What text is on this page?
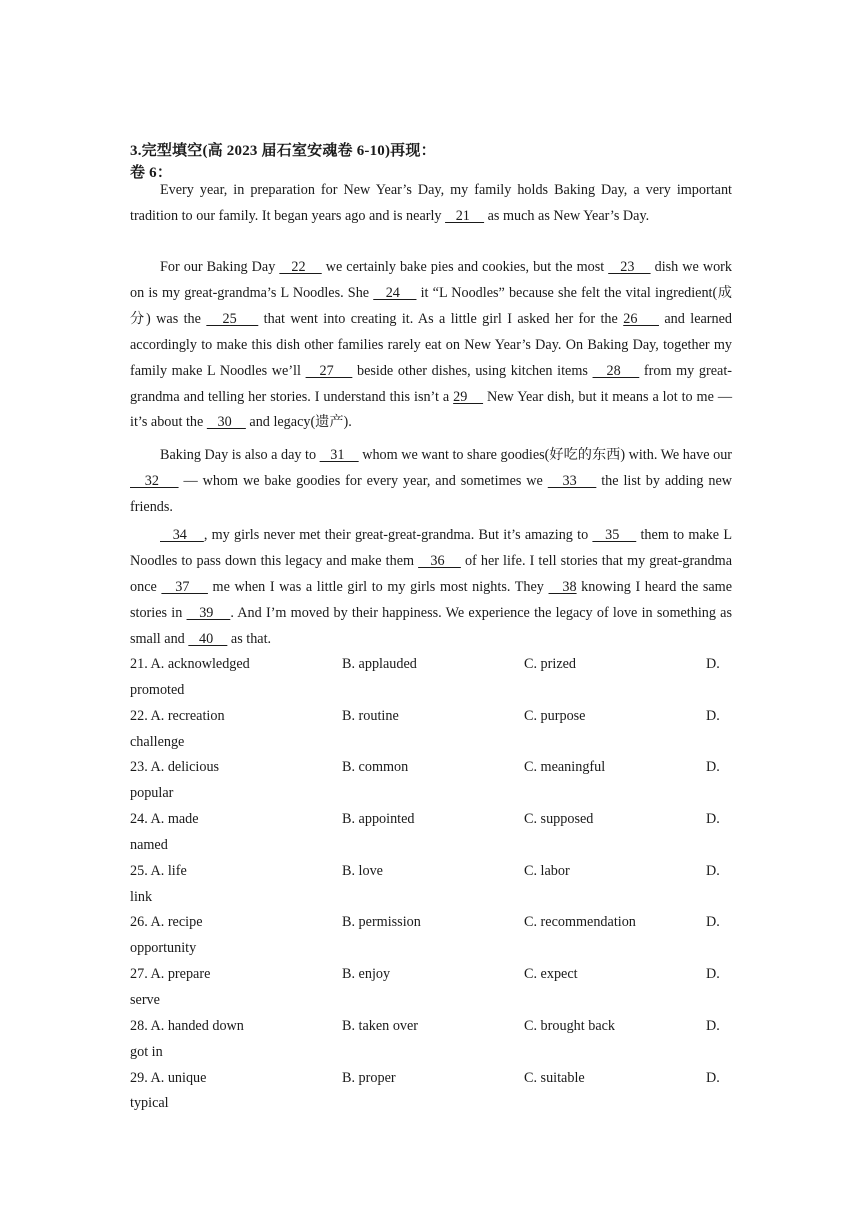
3.完型填空(高 2023 届石室安魂卷 6-10)再现：
卷 6：
Every year, in preparation for New Year’s Day, my family holds Baking Day, a very important tradition to our family. It began years ago and is nearly    21     as much as New Year’s Day.
For our Baking Day    22     we certainly bake pies and cookies, but the most    23     dish we work on is my great-grandma’s L Noodles. She    24     it “L Noodles” because she felt the vital ingredient(成分) was the    25     that went into creating it. As a little girl I asked her for the 26     and learned accordingly to make this dish other families rarely eat on New Year’s Day. On Baking Day, together my family make L Noodles we’ll    27     beside other dishes, using kitchen items    28     from my great-grandma and telling her stories. I understand this isn’t a 29     New Year dish, but it means a lot to me — it’s about the    30     and legacy(遗产).
Baking Day is also a day to    31     whom we want to share goodies(好吃的东西) with. We have our    32     — whom we bake goodies for every year, and sometimes we    33     the list by adding new friends.
34    , my girls never met their great-great-grandma. But it’s amazing to    35     them to make L Noodles to pass down this legacy and make them    36     of her life. I tell stories that my great-grandma once    37     me when I was a little girl to my girls most nights. They    38 knowing I heard the same stories in    39    . And I’m moved by their happiness. We experience the legacy of love in something as small and    40     as that.
21. A. acknowledged	B. applauded	C. prized	D.
promoted
22. A. recreation	B. routine	C. purpose	D.
challenge
23. A. delicious	B. common	C. meaningful	D.
popular
24. A. made	B. appointed	C. supposed	D.
named
25. A. life	B. love	C. labor	D.
link
26. A. recipe	B. permission	C. recommendation	D.
opportunity
27. A. prepare	B. enjoy	C. expect	D.
serve
28. A. handed down	B. taken over	C. brought back	D.
got in
29. A. unique	B. proper	C. suitable	D.
typical
